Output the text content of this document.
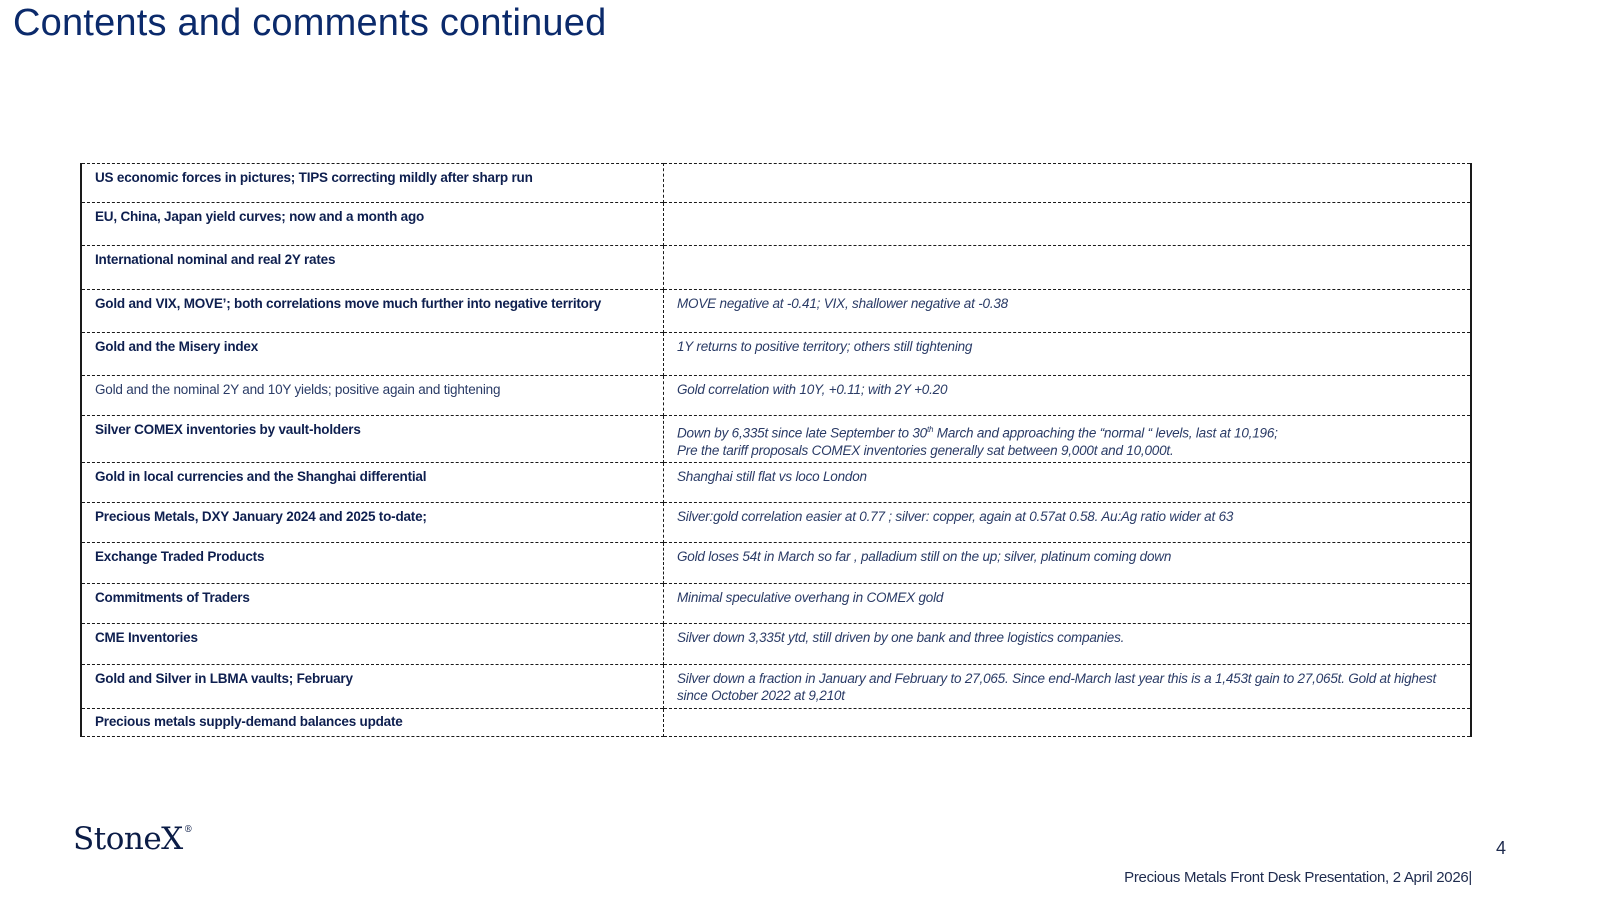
Contents and comments continued
US economic forces in pictures; TIPS correcting mildly after sharp run	
EU, China, Japan yield curves; now and a month ago	
International nominal and real 2Y rates	
Gold and VIX, MOVE’; both correlations move much further into negative territory	MOVE negative at -0.41; VIX, shallower negative at -0.38
Gold and the Misery index	1Y returns to positive territory; others still tightening
Gold and the nominal 2Y and 10Y yields; positive again and tightening	Gold correlation with 10Y, +0.11; with 2Y +0.20
Silver COMEX inventories by vault-holders	Down by 6,335t since late September to 30th March and approaching the “normal “ levels, last at 10,196;
Pre the tariff proposals COMEX inventories generally sat between 9,000t and 10,000t.

Gold in local currencies and the Shanghai differential	Shanghai still flat vs loco London
Precious Metals, DXY January 2024 and 2025 to-date;	Silver:gold correlation easier at 0.77 ; silver: copper, again at 0.57at 0.58. Au:Ag ratio wider at 63
Exchange Traded Products	Gold loses 54t in March so far , palladium still on the up; silver, platinum coming down
Commitments of Traders	Minimal speculative overhang in COMEX gold
CME Inventories	Silver down 3,335t ytd, still driven by one bank and three logistics companies.
Gold and Silver in LBMA vaults; February	Silver down a fraction in January and February to 27,065. Since end-March last year this is a 1,453t gain to 27,065t. Gold at highest since October 2022 at 9,210t
Precious metals supply-demand balances update	
StoneX®
4
Precious Metals Front Desk Presentation, 2 April 2026|
